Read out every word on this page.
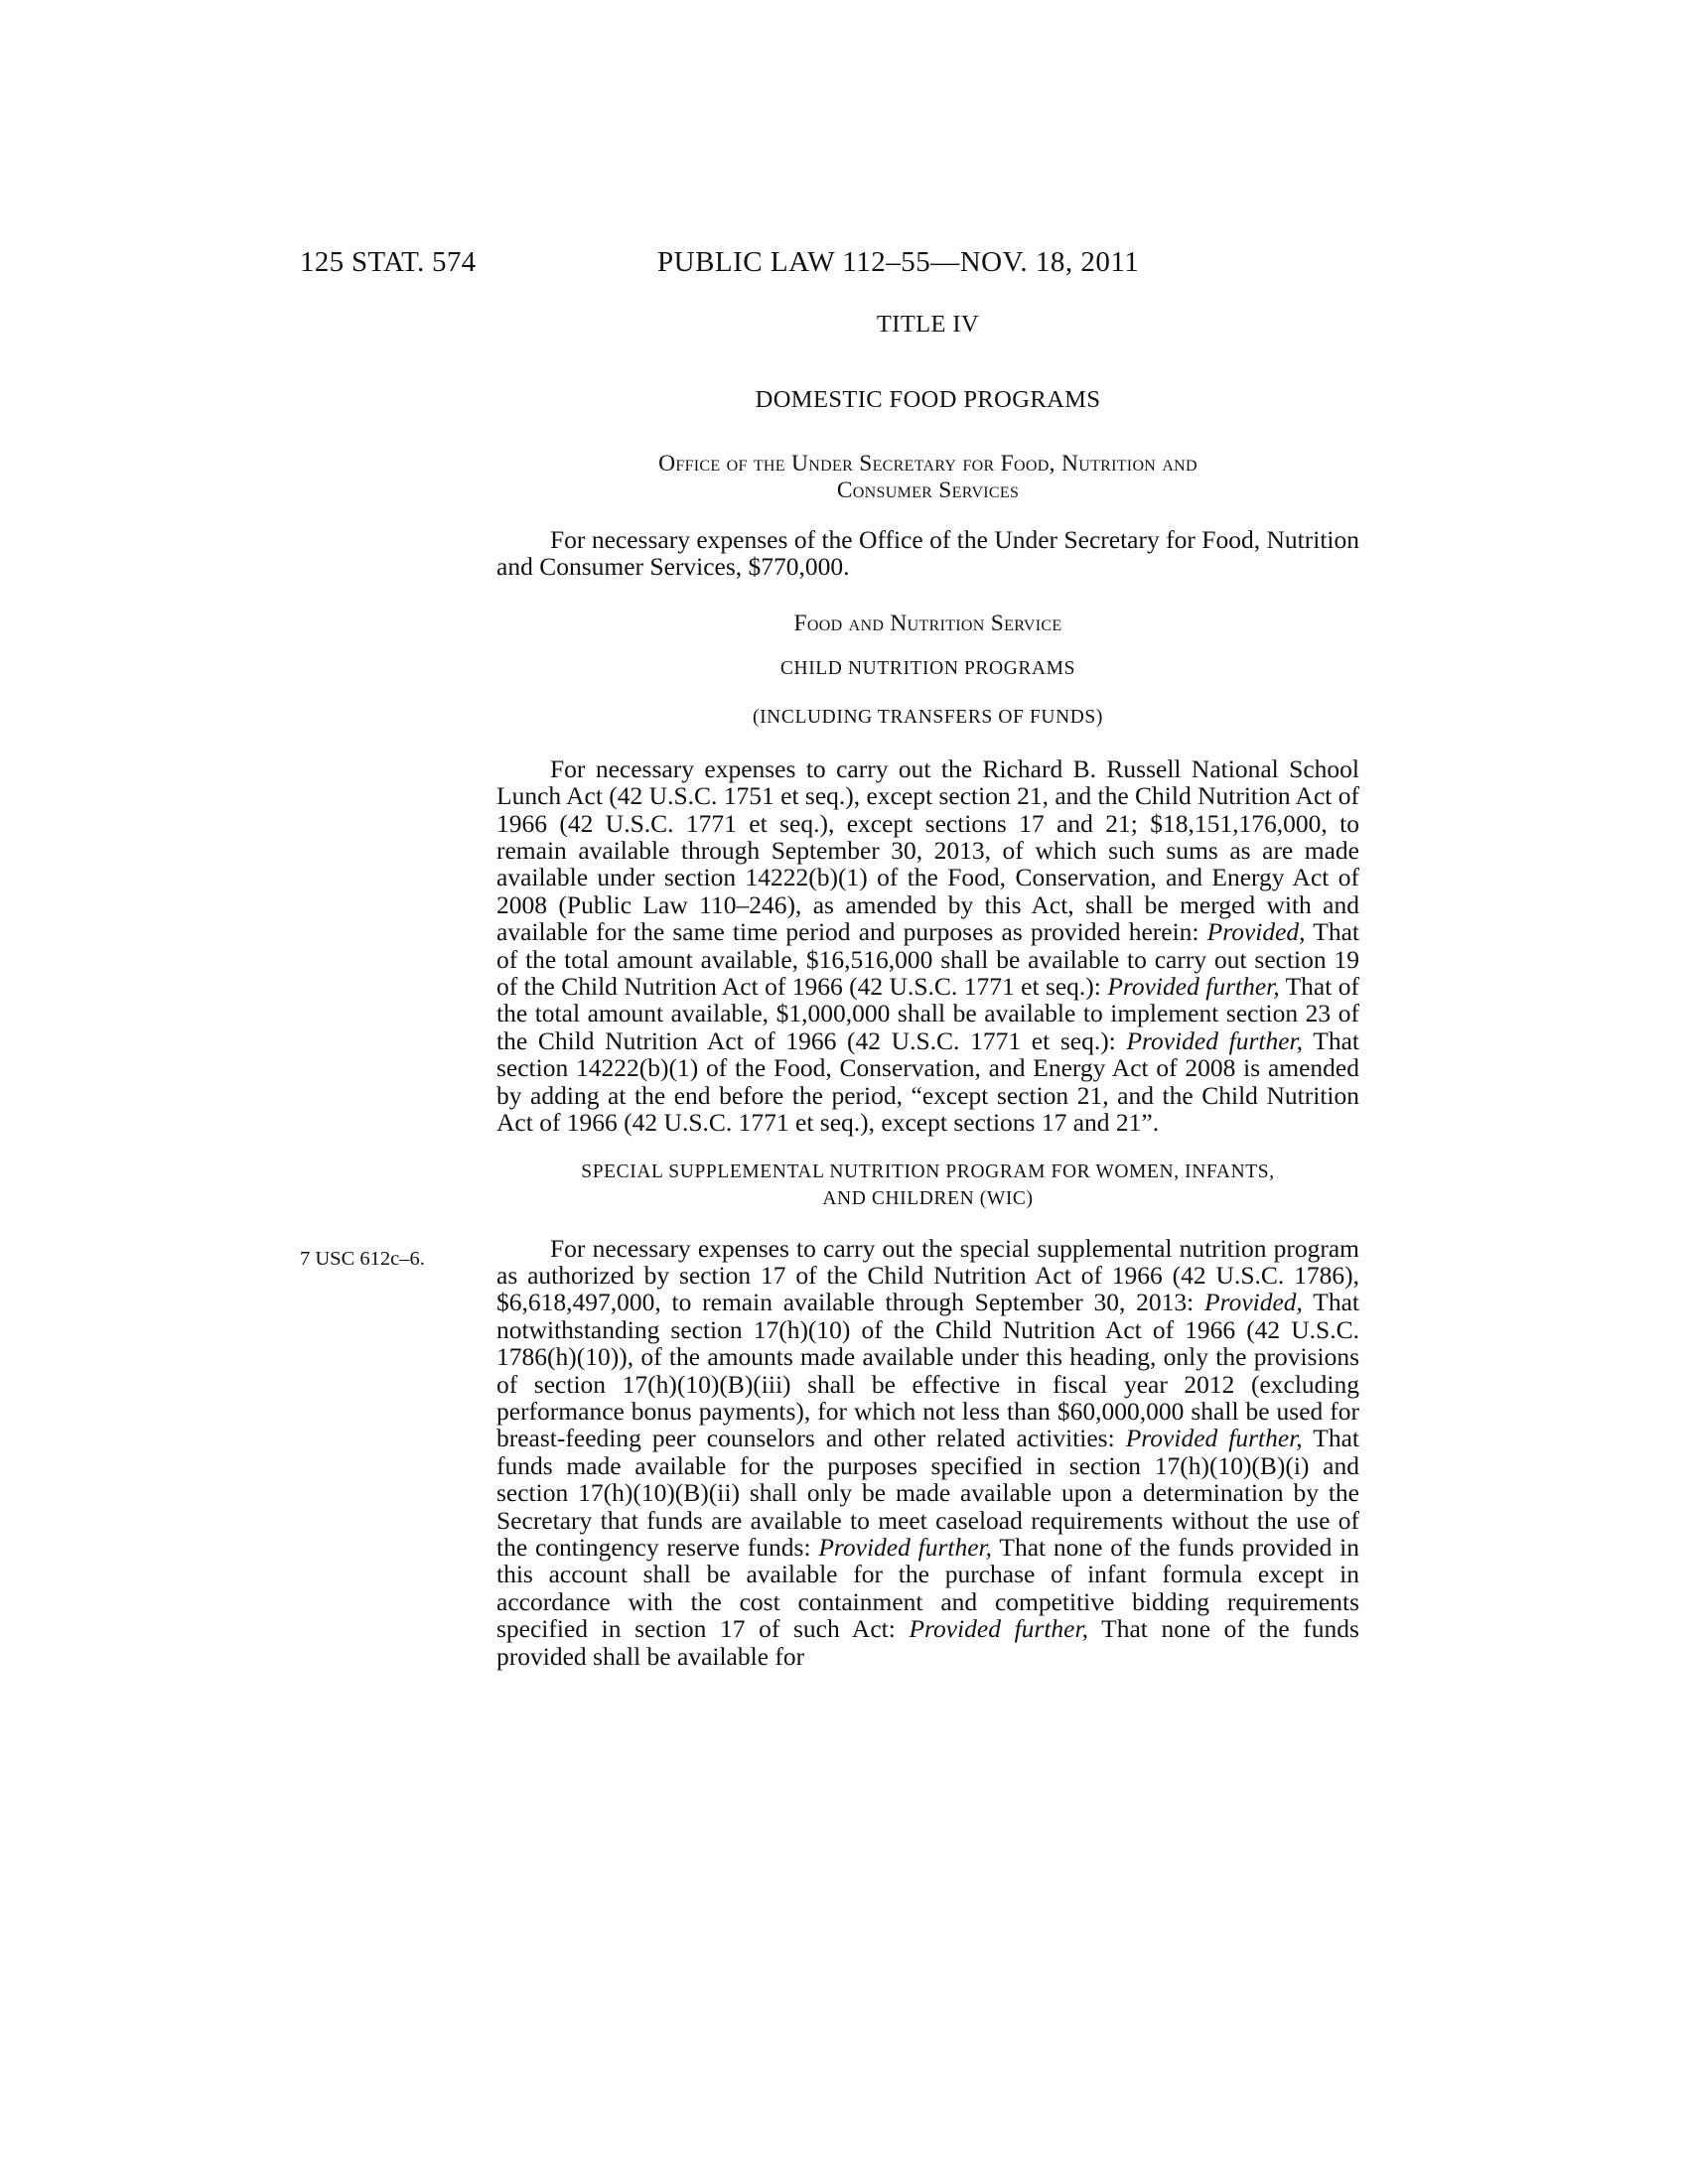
125 STAT. 574	PUBLIC LAW 112–55—NOV. 18, 2011
7 USC 612c–6.
TITLE IV
DOMESTIC FOOD PROGRAMS
Office of the Under Secretary for Food, Nutrition and
Consumer Services

For necessary expenses of the Office of the Under Secretary for Food, Nutrition and Consumer Services, $770,000.

Food and Nutrition Service
CHILD NUTRITION PROGRAMS
(INCLUDING TRANSFERS OF FUNDS)

For necessary expenses to carry out the Richard B. Russell National School Lunch Act (42 U.S.C. 1751 et seq.), except section 21, and the Child Nutrition Act of 1966 (42 U.S.C. 1771 et seq.), except sections 17 and 21; $18,151,176,000, to remain available through September 30, 2013, of which such sums as are made available under section 14222(b)(1) of the Food, Conservation, and Energy Act of 2008 (Public Law 110–246), as amended by this Act, shall be merged with and available for the same time period and purposes as provided herein: Provided, That of the total amount available, $16,516,000 shall be available to carry out section 19 of the Child Nutrition Act of 1966 (42 U.S.C. 1771 et seq.): Provided further, That of the total amount available, $1,000,000 shall be available to implement section 23 of the Child Nutrition Act of 1966 (42 U.S.C. 1771 et seq.): Provided further, That section 14222(b)(1) of the Food, Conservation, and Energy Act of 2008 is amended by adding at the end before the period, “except section 21, and the Child Nutrition Act of 1966 (42 U.S.C. 1771 et seq.), except sections 17 and 21”.

SPECIAL SUPPLEMENTAL NUTRITION PROGRAM FOR WOMEN, INFANTS,
AND CHILDREN (WIC)

For necessary expenses to carry out the special supplemental nutrition program as authorized by section 17 of the Child Nutrition Act of 1966 (42 U.S.C. 1786), $6,618,497,000, to remain available through September 30, 2013: Provided, That notwithstanding section 17(h)(10) of the Child Nutrition Act of 1966 (42 U.S.C. 1786(h)(10)), of the amounts made available under this heading, only the provisions of section 17(h)(10)(B)(iii) shall be effective in fiscal year 2012 (excluding performance bonus payments), for which not less than $60,000,000 shall be used for breast-feeding peer counselors and other related activities: Provided further, That funds made available for the purposes specified in section 17(h)(10)(B)(i) and section 17(h)(10)(B)(ii) shall only be made available upon a determination by the Secretary that funds are available to meet caseload requirements without the use of the contingency reserve funds: Provided further, That none of the funds provided in this account shall be available for the purchase of infant formula except in accordance with the cost containment and competitive bidding requirements specified in section 17 of such Act: Provided further, That none of the funds provided shall be available for
